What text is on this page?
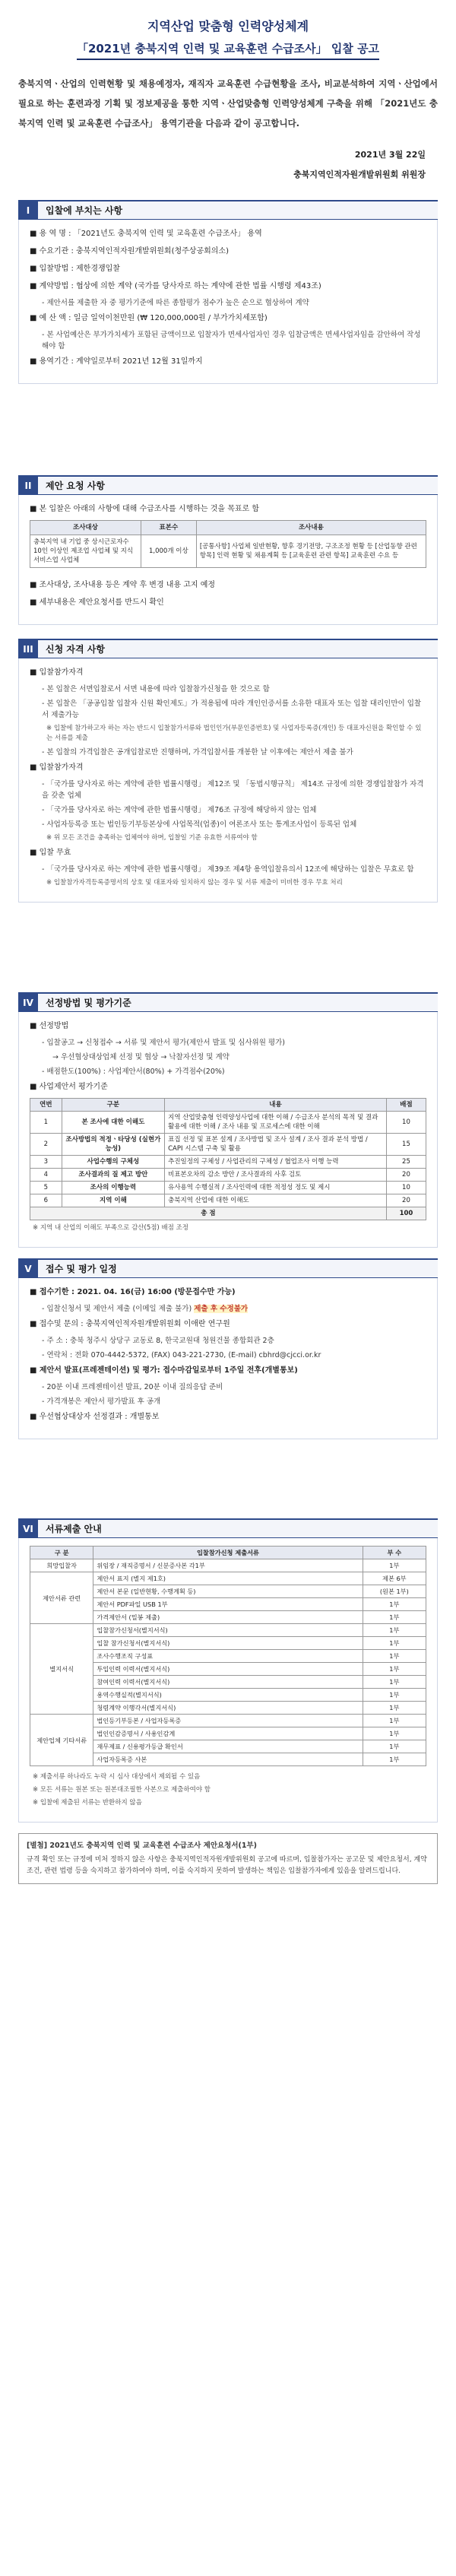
지역산업 맞춤형 인력양성체계
「2021년 충북지역 인력 및 교육훈련 수급조사」 입찰 공고
충북지역ㆍ산업의 인력현황 및 채용예정자, 재직자 교육훈련 수급현황을 조사, 비교분석하여 지역ㆍ산업에서 필요로 하는 훈련과정 기획 및 정보제공을 통한 지역ㆍ산업맞춤형 인력양성체계 구축을 위해 「2021년도 충북지역 인력 및 교육훈련 수급조사」 용역기관을 다음과 같이 공고합니다.
2021년 3월 22일
충북지역인적자원개발위원회 위원장
I	입찰에 부치는 사항
■ 용 역 명 : 「2021년도 충북지역 인력 및 교육훈련 수급조사」 용역
■ 수요기관 : 충북지역인적자원개발위원회(청주상공회의소)
■ 입찰방법 : 제한경쟁입찰
■ 계약방법 : 협상에 의한 계약 (국가를 당사자로 하는 계약에 관한 법률 시행령 제43조)
- 제안서를 제출한 자 중 평가기준에 따른 종합평가 점수가 높은 순으로 협상하여 계약
■ 예 산 액 : 일금 일억이천만원 (₩ 120,000,000원 / 부가가치세포함)
- 본 사업예산은 부가가치세가 포함된 금액이므로 입찰자가 면세사업자인 경우 입찰금액은 면세사업자임을 감안하여 작성해야 함
■ 용역기간 : 계약일로부터 2021년 12월 31일까지
II	제안 요청 사항
■ 본 입찰은 아래의 사항에 대해 수급조사를 시행하는 것을 목표로 함
조사대상	표본수	조사내용
충북지역 내 기업 중 상시근로자수 10인 이상인 제조업 사업체 및 지식서비스업 사업체	1,000개 이상	[공통사항] 사업체 일반현황, 향후 경기전망, 구조조정 현황 등 [산업동향 관련 항목] 인력 현황 및 채용계획 등 [교육훈련 관련 항목] 교육훈련 수요 등
■ 조사대상, 조사내용 등은 계약 후 변경 내용 고지 예정
■ 세부내용은 제안요청서를 반드시 확인
III	신청 자격 사항
■ 입찰참가자격
- 본 입찰은 서면입찰로서 서면 내용에 따라 입찰참가신청을 한 것으로 함
- 본 입찰은 「공공입찰 입찰자 신원 확인제도」가 적용됨에 따라 개인인증서를 소유한 대표자 또는 입찰 대리인만이 입찰서 제출가능
※ 입찰에 참가하고자 하는 자는 반드시 입찰참가서류와 법인인가(부문인증번호) 및 사업자등록증(개인) 등 대표자신원을 확인할 수 있는 서류를 제출
- 본 입찰의 가격입찰은 공개입찰로만 진행하며, 가격입찰서를 개봉한 날 이후에는 제안서 제출 불가
■ 입찰참가자격
- 「국가를 당사자로 하는 계약에 관한 법률시행령」 제12조 및 「동법시행규칙」 제14조 규정에 의한 경쟁입찰참가 자격을 갖춘 업체
- 「국가를 당사자로 하는 계약에 관한 법률시행령」 제76조 규정에 해당하지 않는 업체
- 사업자등록증 또는 법인등기부등본상에 사업목적(업종)이 여론조사 또는 통계조사업이 등록된 업체
※ 위 모든 조건을 충족하는 업체여야 하며, 입찰일 기준 유효한 서류여야 함
■ 입찰 무효
- 「국가를 당사자로 하는 계약에 관한 법률시행령」 제39조 제4항 용역입찰유의서 12조에 해당하는 입찰은 무효로 함
※ 입찰참가자격등록증명서의 상호 및 대표자와 일치하지 않는 경우 및 서류 제출이 미비한 경우 무효 처리
IV	선정방법 및 평가기준
■ 선정방법
- 입찰공고 → 신청접수 → 서류 및 제안서 평가(제안서 발표 및 심사위원 평가)
→ 우선협상대상업체 선정 및 협상 → 낙찰자선정 및 계약
- 배점한도(100%) : 사업제안서(80%) + 가격점수(20%)
■ 사업제안서 평가기준
연번	구분	내용	배점
1	본 조사에 대한 이해도	지역 산업맞춤형 인력양성사업에 대한 이해 / 수급조사 분석의 목적 및 결과활용에 대한 이해 / 조사 내용 및 프로세스에 대한 이해	10
2	조사방법의 적정ㆍ타당성 (실현가능성)	표집 선정 및 표본 설계 / 조사방법 및 조사 설계 / 조사 결과 분석 방법 / CAPI 시스템 구축 및 활용	15
3	사업수행의 구체성	추진일정의 구체성 / 사업관리의 구체성 / 협업조사 이행 능력	25
4	조사결과의 질 제고 방안	비표본오차의 감소 방안 / 조사결과의 사후 검토	20
5	조사의 이행능력	유사용역 수행실적 / 조사인력에 대한 적정성 정도 및 제시	10
6	지역 이해	충북지역 산업에 대한 이해도	20
총 점			100
※ 지역 내 산업의 이해도 부족으로 감산(5점) 배점 조정
V	접수 및 평가 일정
■ 접수기한 : 2021. 04. 16(금) 16:00 (방문접수만 가능)
- 입찰신청서 및 제안서 제출 (이메일 제출 불가) 제출 후 수정불가
■ 접수및 문의 : 충북지역인적자원개발위원회 이애란 연구원
- 주 소 : 충북 청주시 상당구 교동로 8, 한국교원대 청원건물 종합회관 2층
- 연락처 : 전화 070-4442-5372, (FAX) 043-221-2730, (E-mail) cbhrd@cjcci.or.kr
■ 제안서 발표(프레젠테이션) 및 평가: 접수마감일로부터 1주일 전후(개별통보)
- 20분 이내 프레젠테이션 발표, 20분 이내 질의응답 준비
- 가격개봉은 제안서 평가발표 후 공개
■ 우선협상대상자 선정결과 : 개별통보
VI	서류제출 안내
구 분	입찰참가신청 제출서류	부 수
희망입찰자	위임장 / 재직증명서 / 신분증사본 각1부	1부
제안서류 관련	제안서 표지 (별지 제1호)	제본 6부
	제안서 본문 (일반현황, 수행계획 등)	(원본 1부)
	제안서 PDF파일 USB 1부	1부
	가격제안서 (밀봉 제출)	1부
별지서식	입찰참가신청서(별지서식)	1부
	입찰 참가신청서(별지서식)	1부
	조사수행조직 구성표	1부
	투입인력 이력서(별지서식)	1부
	참여인력 이력서(별지서식)	1부
	용역수행실적(별지서식)	1부
	청렴계약 이행각서(별지서식)	1부
제안업체 기타서류	법인등기부등본 / 사업자등록증	1부
	법인인감증명서 / 사용인감계	1부
	재무제표 / 신용평가등급 확인서	1부
	사업자등록증 사본	1부
※ 제출서류 하나라도 누락 시 심사 대상에서 제외될 수 있음
※ 모든 서류는 원본 또는 원본대조필한 사본으로 제출하여야 함
※ 입찰에 제출된 서류는 반환하지 않음
[별첨] 2021년도 충북지역 인력 및 교육훈련 수급조사 제안요청서(1부)
규격 확인 또는 규정에 미처 정하지 않은 사항은 충북지역인적자원개발위원회 공고에 따르며, 입찰참가자는 공고문 및 제안요청서, 계약조건, 관련 법령 등을 숙지하고 참가하여야 하며, 이를 숙지하지 못하여 발생하는 책임은 입찰참가자에게 있음을 알려드립니다.
